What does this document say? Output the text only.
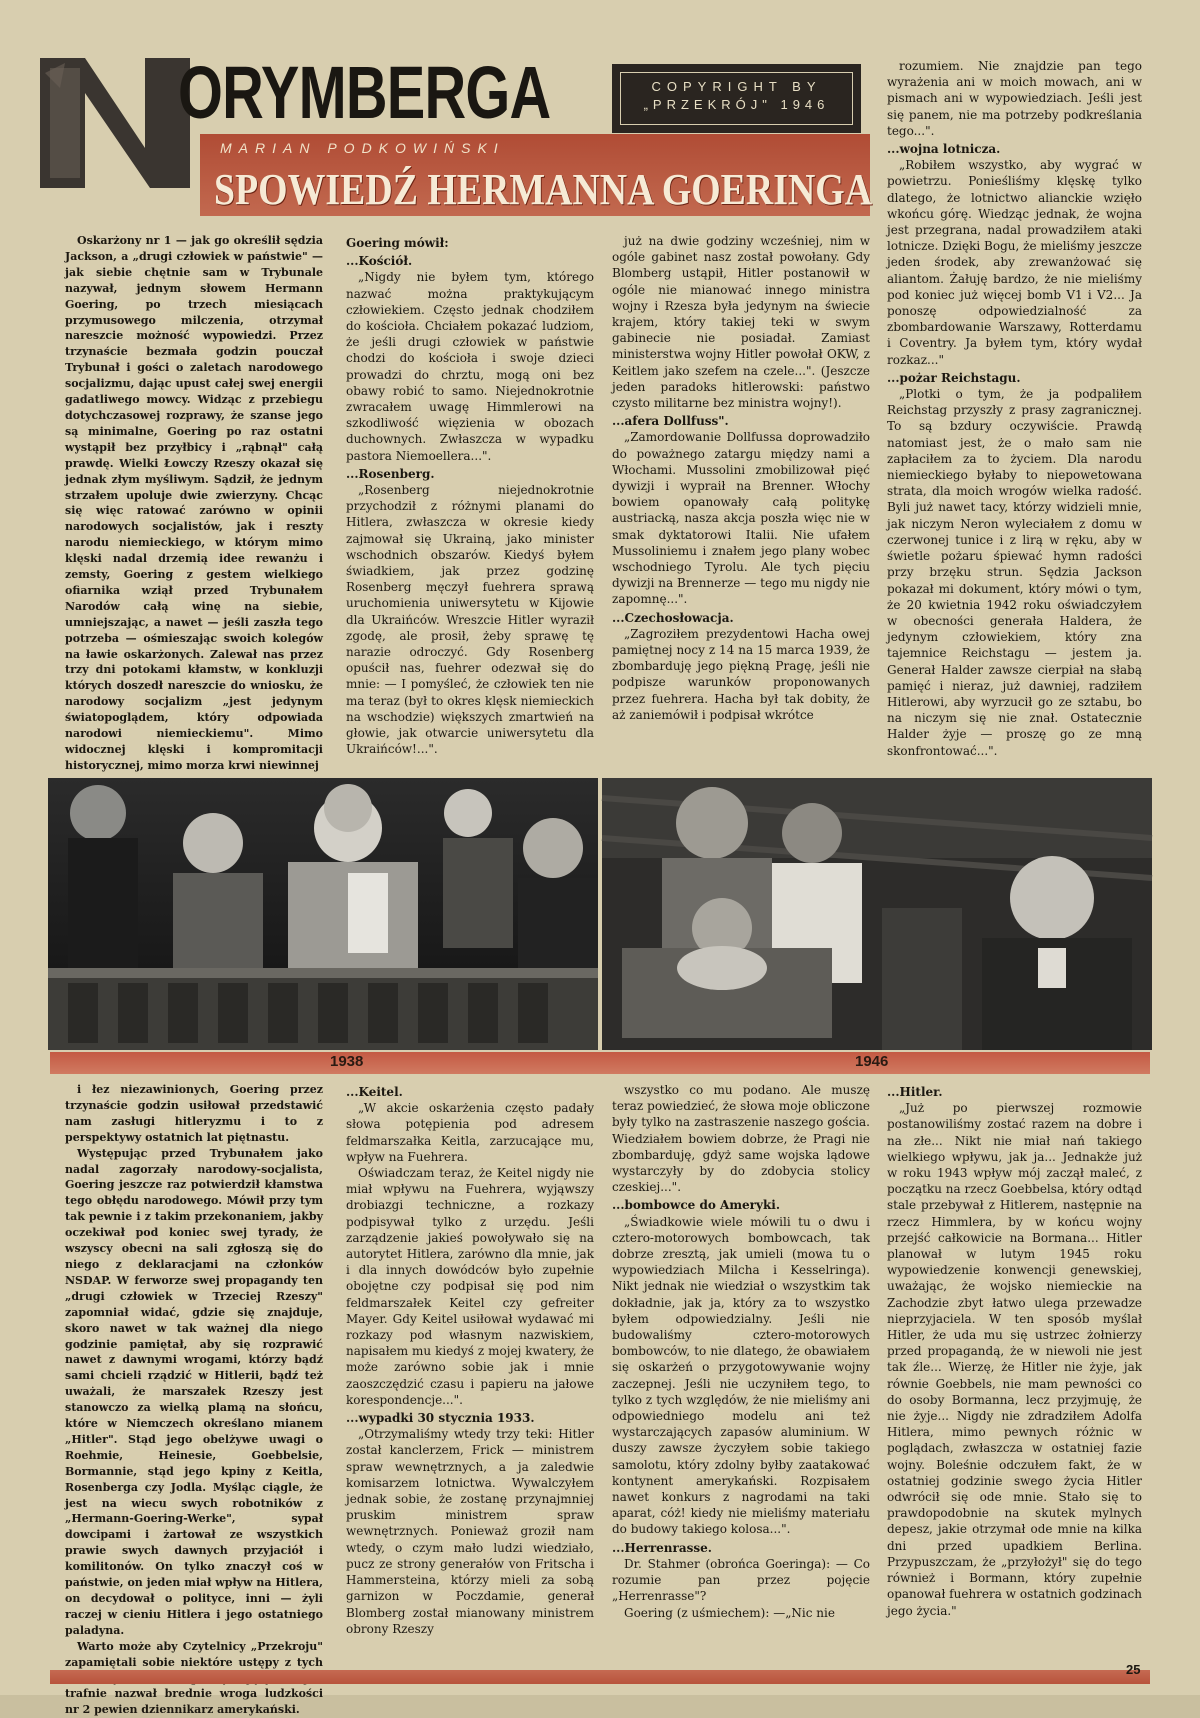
ORYMBERGA	COPYRIGHT BY
„PRZEKRÓJ" 1946
MARIAN PODKOWIŃSKI
SPOWIEDŹ HERMANNA GOERINGA

Oskarżony nr 1 — jak go określił sędzia Jackson, a „drugi człowiek w państwie" — jak siebie chętnie sam w Trybunale nazywał, jednym słowem Hermann Goering, po trzech miesiącach przymusowego milczenia, otrzymał nareszcie możność wypowiedzi. Przez trzynaście bezmała godzin pouczał Trybunał i gości o zaletach narodowego socjalizmu, dając upust całej swej energii gadatliwego mowcy. Widząc z przebiegu dotychczasowej rozprawy, że szanse jego są minimalne, Goering po raz ostatni wystąpił bez przyłbicy i „rąbnął" całą prawdę. Wielki Łowczy Rzeszy okazał się jednak złym myśliwym. Sądził, że jednym strzałem upoluje dwie zwierzyny. Chcąc się więc ratować zarówno w opinii narodowych socjalistów, jak i reszty narodu niemieckiego, w którym mimo klęski nadal drzemią idee rewanżu i zemsty, Goering z gestem wielkiego ofiarnika wziął przed Trybunałem Narodów całą winę na siebie, umniejszając, a nawet — jeśli zaszła tego potrzeba — ośmieszając swoich kolegów na ławie oskarżonych. Zalewał nas przez trzy dni potokami kłamstw, w konkluzji których doszedł nareszcie do wniosku, że narodowy socjalizm „jest jedynym światopoglądem, który odpowiada narodowi niemieckiemu". Mimo widocznej klęski i kompromitacji historycznej, mimo morza krwi niewinnej

Goering mówił:

...Kościół.

„Nigdy nie byłem tym, którego nazwać można praktykującym człowiekiem. Często jednak chodziłem do kościoła. Chciałem pokazać ludziom, że jeśli drugi człowiek w państwie chodzi do kościoła i swoje dzieci prowadzi do chrztu, mogą oni bez obawy robić to samo. Niejednokrotnie zwracałem uwagę Himmlerowi na szkodliwość więzienia w obozach duchownych. Zwłaszcza w wypadku pastora Niemoellera...".

...Rosenberg.

„Rosenberg niejednokrotnie przychodził z różnymi planami do Hitlera, zwłaszcza w okresie kiedy zajmował się Ukrainą, jako minister wschodnich obszarów. Kiedyś byłem świadkiem, jak przez godzinę Rosenberg męczył fuehrera sprawą uruchomienia uniwersytetu w Kijowie dla Ukraińców. Wreszcie Hitler wyraził zgodę, ale prosił, żeby sprawę tę narazie odroczyć. Gdy Rosenberg opuścił nas, fuehrer odezwał się do mnie: — I pomyśleć, że człowiek ten nie ma teraz (był to okres klęsk niemieckich na wschodzie) większych zmartwień na głowie, jak otwarcie uniwersytetu dla Ukraińców!...".

już na dwie godziny wcześniej, nim w ogóle gabinet nasz został powołany. Gdy Blomberg ustąpił, Hitler postanowił w ogóle nie mianować innego ministra wojny i Rzesza była jedynym na świecie krajem, który takiej teki w swym gabinecie nie posiadał. Zamiast ministerstwa wojny Hitler powołał OKW, z Keitlem jako szefem na czele...". (Jeszcze jeden paradoks hitlerowski: państwo czysto militarne bez ministra wojny!).

...afera Dollfuss".

„Zamordowanie Dollfussa doprowadziło do poważnego zatargu między nami a Włochami. Mussolini zmobilizował pięć dywizji i wypraił na Brenner. Włochy bowiem opanowały całą politykę austriacką, nasza akcja poszła więc nie w smak dyktatorowi Italii. Nie ufałem Mussoliniemu i znałem jego plany wobec wschodniego Tyrolu. Ale tych pięciu dywizji na Brennerze — tego mu nigdy nie zapomnę...".

...Czechosłowacja.

„Zagroziłem prezydentowi Hacha owej pamiętnej nocy z 14 na 15 marca 1939, że zbombarduję jego piękną Pragę, jeśli nie podpisze warunków proponowanych przez fuehrera. Hacha był tak dobity, że aż zaniemówił i podpisał wkrótce

rozumiem. Nie znajdzie pan tego wyrażenia ani w moich mowach, ani w pismach ani w wypowiedziach. Jeśli jest się panem, nie ma potrzeby podkreślania tego...".

...wojna lotnicza.

„Robiłem wszystko, aby wygrać w powietrzu. Ponieśliśmy klęskę tylko dlatego, że lotnictwo alianckie wzięło wkońcu górę. Wiedząc jednak, że wojna jest przegrana, nadal prowadziłem ataki lotnicze. Dzięki Bogu, że mieliśmy jeszcze jeden środek, aby zrewanżować się aliantom. Żałuję bardzo, że nie mieliśmy pod koniec już więcej bomb V1 i V2... Ja ponoszę odpowiedzialność za zbombardowanie Warszawy, Rotterdamu i Coventry. Ja byłem tym, który wydał rozkaz..."

...pożar Reichstagu.

„Plotki o tym, że ja podpaliłem Reichstag przyszły z prasy zagranicznej. To są bzdury oczywiście. Prawdą natomiast jest, że o mało sam nie zapłaciłem za to życiem. Dla narodu niemieckiego byłaby to niepowetowana strata, dla moich wrogów wielka radość. Byli już nawet tacy, którzy widzieli mnie, jak niczym Neron wyleciałem z domu w czerwonej tunice i z lirą w ręku, aby w świetle pożaru śpiewać hymn radości przy brzęku strun. Sędzia Jackson pokazał mi dokument, który mówi o tym, że 20 kwietnia 1942 roku oświadczyłem w obecności generała Haldera, że jedynym człowiekiem, który zna tajemnice Reichstagu — jestem ja. Generał Halder zawsze cierpiał na słabą pamięć i nieraz, już dawniej, radziłem Hitlerowi, aby wyrzucił go ze sztabu, bo na niczym się nie znał. Ostatecznie Halder żyje — proszę go ze mną skonfrontować...".

1938	1946

i łez niezawinionych, Goering przez trzynaście godzin usiłował przedstawić nam zasługi hitleryzmu i to z perspektywy ostatnich lat piętnastu.

Występując przed Trybunałem jako nadal zagorzały narodowy-socjalista, Goering jeszcze raz potwierdził kłamstwa tego obłędu narodowego. Mówił przy tym tak pewnie i z takim przekonaniem, jakby oczekiwał pod koniec swej tyrady, że wszyscy obecni na sali zgłoszą się do niego z deklaracjami na członków NSDAP. W ferworze swej propagandy ten „drugi człowiek w Trzeciej Rzeszy" zapomniał widać, gdzie się znajduje, skoro nawet w tak ważnej dla niego godzinie pamiętał, aby się rozprawić nawet z dawnymi wrogami, którzy bądź sami chcieli rządzić w Hitlerii, bądź też uważali, że marszałek Rzeszy jest stanowczo za wielką plamą na słońcu, które w Niemczech określano mianem „Hitler". Stąd jego obelżywe uwagi o Roehmie, Heinesie, Goebbelsie, Bormannie, stąd jego kpiny z Keitla, Rosenberga czy Jodla. Myśląc ciągle, że jest na wiecu swych robotników z „Hermann-Goering-Werke", sypał dowcipami i żartował ze wszystkich prawie swych dawnych przyjaciół i komilitonów. On tylko znaczył coś w państwie, on jeden miał wpływ na Hitlera, on decydował o polityce, inni — żyli raczej w cieniu Hitlera i jego ostatniego paladyna.

Warto może aby Czytelnicy „Przekroju" zapamiętali sobie niektóre ustępy z tych trafnie nazwał brednie wroga ludzkości nr 2 pewien dziennikarz amerykański.

...Keitel.

„W akcie oskarżenia często padały słowa potępienia pod adresem feldmarszałka Keitla, zarzucające mu, wpływ na Fuehrera.

Oświadczam teraz, że Keitel nigdy nie miał wpływu na Fuehrera, wyjąwszy drobiazgi techniczne, a rozkazy podpisywał tylko z urzędu. Jeśli zarządzenie jakieś powoływało się na autorytet Hitlera, zarówno dla mnie, jak i dla innych dowódców było zupełnie obojętne czy podpisał się pod nim feldmarszałek Keitel czy gefreiter Mayer. Gdy Keitel usiłował wydawać mi rozkazy pod własnym nazwiskiem, napisałem mu kiedyś z mojej kwatery, że może zarówno sobie jak i mnie zaoszczędzić czasu i papieru na jałowe korespondencje...".

...wypadki 30 stycznia 1933.

„Otrzymaliśmy wtedy trzy teki: Hitler został kanclerzem, Frick — ministrem spraw wewnętrznych, a ja zaledwie komisarzem lotnictwa. Wywalczyłem jednak sobie, że zostanę przynajmniej pruskim ministrem spraw wewnętrznych. Ponieważ groził nam wtedy, o czym mało ludzi wiedziało, pucz ze strony generałów von Fritscha i Hammersteina, którzy mieli za sobą garnizon w Poczdamie, generał Blomberg został mianowany ministrem obrony Rzeszy

wszystko co mu podano. Ale muszę teraz powiedzieć, że słowa moje obliczone były tylko na zastraszenie naszego gościa. Wiedziałem bowiem dobrze, że Pragi nie zbombarduję, gdyż same wojska lądowe wystarczyły by do zdobycia stolicy czeskiej...".

...bombowce do Ameryki.

„Świadkowie wiele mówili tu o dwu i cztero-motorowych bombowcach, tak dobrze zresztą, jak umieli (mowa tu o wypowiedziach Milcha i Kesselringa). Nikt jednak nie wiedział o wszystkim tak dokładnie, jak ja, który za to wszystko byłem odpowiedzialny. Jeśli nie budowaliśmy cztero-motorowych bombowców, to nie dlatego, że obawiałem się oskarżeń o przygotowywanie wojny zaczepnej. Jeśli nie uczyniłem tego, to tylko z tych względów, że nie mieliśmy ani odpowiedniego modelu ani też wystarczających zapasów aluminium. W duszy zawsze życzyłem sobie takiego samolotu, który zdolny byłby zaatakować kontynent amerykański. Rozpisałem nawet konkurs z nagrodami na taki aparat, cóż! kiedy nie mieliśmy materiału do budowy takiego kolosa...".

...Herrenrasse.

Dr. Stahmer (obrońca Goeringa): — Co rozumie pan przez pojęcie „Herrenrasse"?

Goering (z uśmiechem): —„Nic nie

...Hitler.

„Już po pierwszej rozmowie postanowiliśmy zostać razem na dobre i na złe... Nikt nie miał nań takiego wielkiego wpływu, jak ja... Jednakże już w roku 1943 wpływ mój zaczął maleć, z początku na rzecz Goebbelsa, który odtąd stale przebywał z Hitlerem, następnie na rzecz Himmlera, by w końcu wojny przejść całkowicie na Bormana... Hitler planował w lutym 1945 roku wypowiedzenie konwencji genewskiej, uważając, że wojsko niemieckie na Zachodzie zbyt łatwo ulega przewadze nieprzyjaciela. W ten sposób myślał Hitler, że uda mu się ustrzec żołnierzy przed propagandą, że w niewoli nie jest tak źle... Wierzę, że Hitler nie żyje, jak równie Goebbels, nie mam pewności co do osoby Bormanna, lecz przyjmuję, że nie żyje... Nigdy nie zdradziłem Adolfa Hitlera, mimo pewnych różnic w poglądach, zwłaszcza w ostatniej fazie wojny. Boleśnie odczułem fakt, że w ostatniej godzinie swego życia Hitler odwrócił się ode mnie. Stało się to prawdopodobnie na skutek mylnych depesz, jakie otrzymał ode mnie na kilka dni przed upadkiem Berlina. Przypuszczam, że „przyłożył" się do tego również i Bormann, który zupełnie opanował fuehrera w ostatnich godzinach jego życia."

25
